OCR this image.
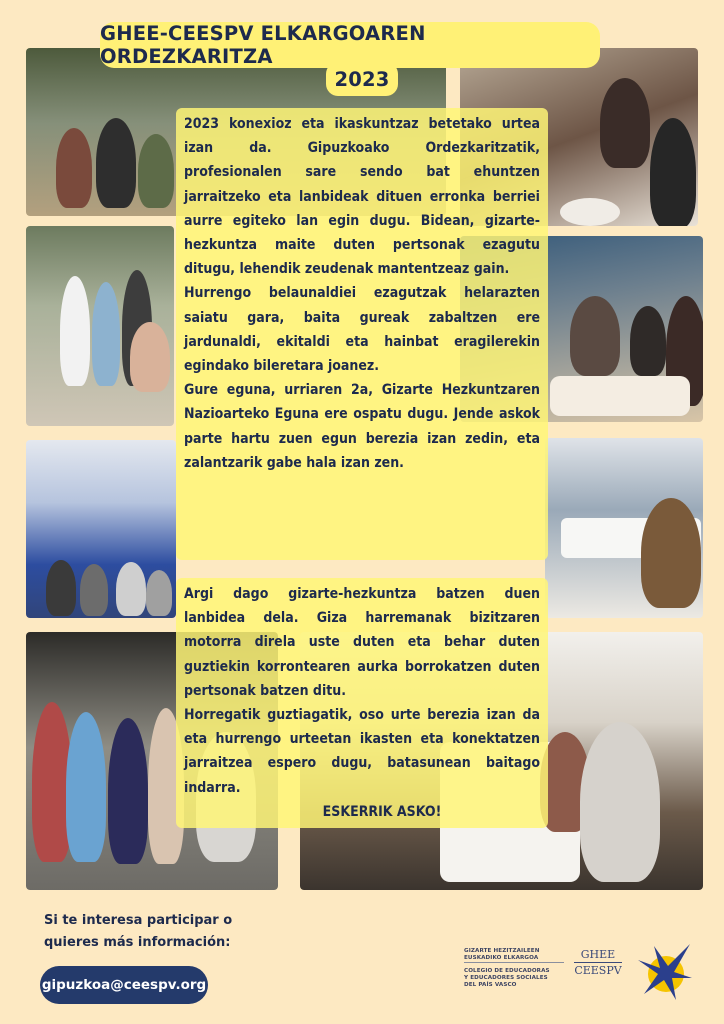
GHEE-CEESPV ELKARGOAREN ORDEZKARITZA
2023

2023 konexioz eta ikaskuntzaz betetako urtea izan da. Gipuzkoako Ordezkaritzatik, profesionalen sare sendo bat ehuntzen jarraitzeko eta lanbideak dituen erronka berriei aurre egiteko lan egin dugu. Bidean, gizarte-hezkuntza maite duten pertsonak ezagutu ditugu, lehendik zeudenak mantentzeaz gain.

Hurrengo belaunaldiei ezagutzak helarazten saiatu gara, baita gureak zabaltzen ere jardunaldi, ekitaldi eta hainbat eragilerekin egindako bileretara joanez.

Gure eguna, urriaren 2a, Gizarte Hezkuntzaren Nazioarteko Eguna ere ospatu dugu. Jende askok parte hartu zuen egun berezia izan zedin, eta zalantzarik gabe hala izan zen.

Argi dago gizarte-hezkuntza batzen duen lanbidea dela. Giza harremanak bizitzaren motorra direla uste duten eta behar duten guztiekin korrontearen aurka borrokatzen duten pertsonak batzen ditu.

Horregatik guztiagatik, oso urte berezia izan da eta hurrengo urteetan ikasten eta konektatzen jarraitzea espero dugu, batasunean baitago indarra.

ESKERRIK ASKO!

Si te interesa participar o
quieres más información:
gipuzkoa@ceespv.org
GIZARTE HEZITZAILEEN
EUSKADIKO ELKARGOA
COLEGIO DE EDUCADORAS
Y EDUCADORES SOCIALES
DEL PAÍS VASCO
GHEE
CEESPV
